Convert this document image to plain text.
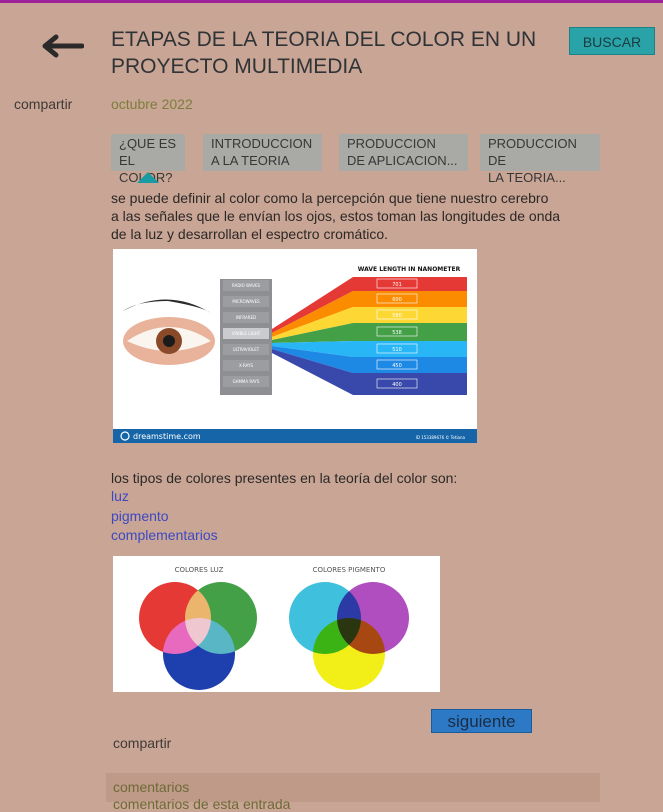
ETAPAS DE LA TEORIA DEL COLOR EN UN
PROYECTO MULTIMEDIA
BUSCAR
compartir	octubre 2022
¿QUE ES
EL COLOR?
INTRODUCCION
A LA TEORIA
PRODUCCION
DE APLICACION...
PRODUCCION DE
LA TEORIA...

se puede definir al color como la percepción que tiene nuestro cerebro
a las señales que le envían los ojos, estos toman las longitudes de onda
de la luz y desarrollan el espectro cromático.

RADIO WAVES
MICROWAVES
INFRARED
VISIBLE LIGHT
ULTRAVIOLET
X-RAYS
GAMMA RAYS
701
600
580
538
510
450
400
WAVE LENGTH IN NANOMETER
dreamstime.com	ID 153389676 © Tetiana

los tipos de colores presentes en la teoría del color son:

luz
pigmento
complementarios
COLORES LUZ	COLORES PIGMENTO
siguiente
compartir
comentarios
comentarios de esta entrada
